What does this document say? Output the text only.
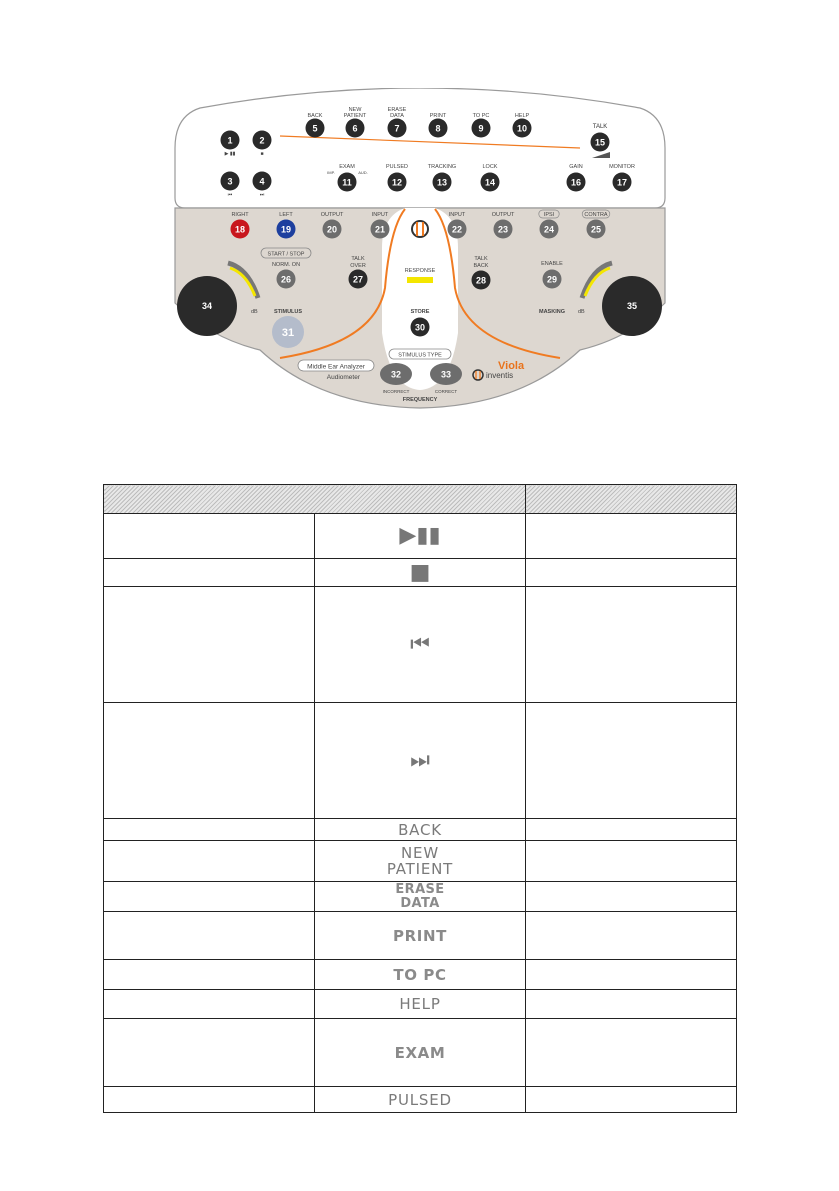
1
▶ ▮▮
2
■
3
⏮
4
⏭
BACK
5
NEW
PATIENT
6
ERASE
DATA
7
PRINT
8
TO PC
9
HELP
10
EXAM
IMP.	AUD.
11
PULSED
12
TRACKING
13
LOCK
14
GAIN
16
MONITOR
17
RIGHT
18
LEFT
19
OUTPUT
20
INPUT
21
INPUT
22
OUTPUT
23
IPSI
24
CONTRA
25
TALK
15
START / STOP
NORM. ON
26
TALK
OVER
27
TALK
BACK
28
ENABLE
29
RESPONSE
STORE
30
STIMULUS
31
MASKING
dB
34
dB
35
STIMULUS TYPE
32	33
INCORRECT	CORRECT
FREQUENCY
Middle Ear Analyzer
Audiometer
Viola
inventis

	▶▮▮	
	■	
	⏮	
	⏭	

	BACK	

	NEW
PATIENT	

	ERASE
DATA	

	PRINT	

	TO PC	

	HELP	

	EXAM	

	PULSED	
